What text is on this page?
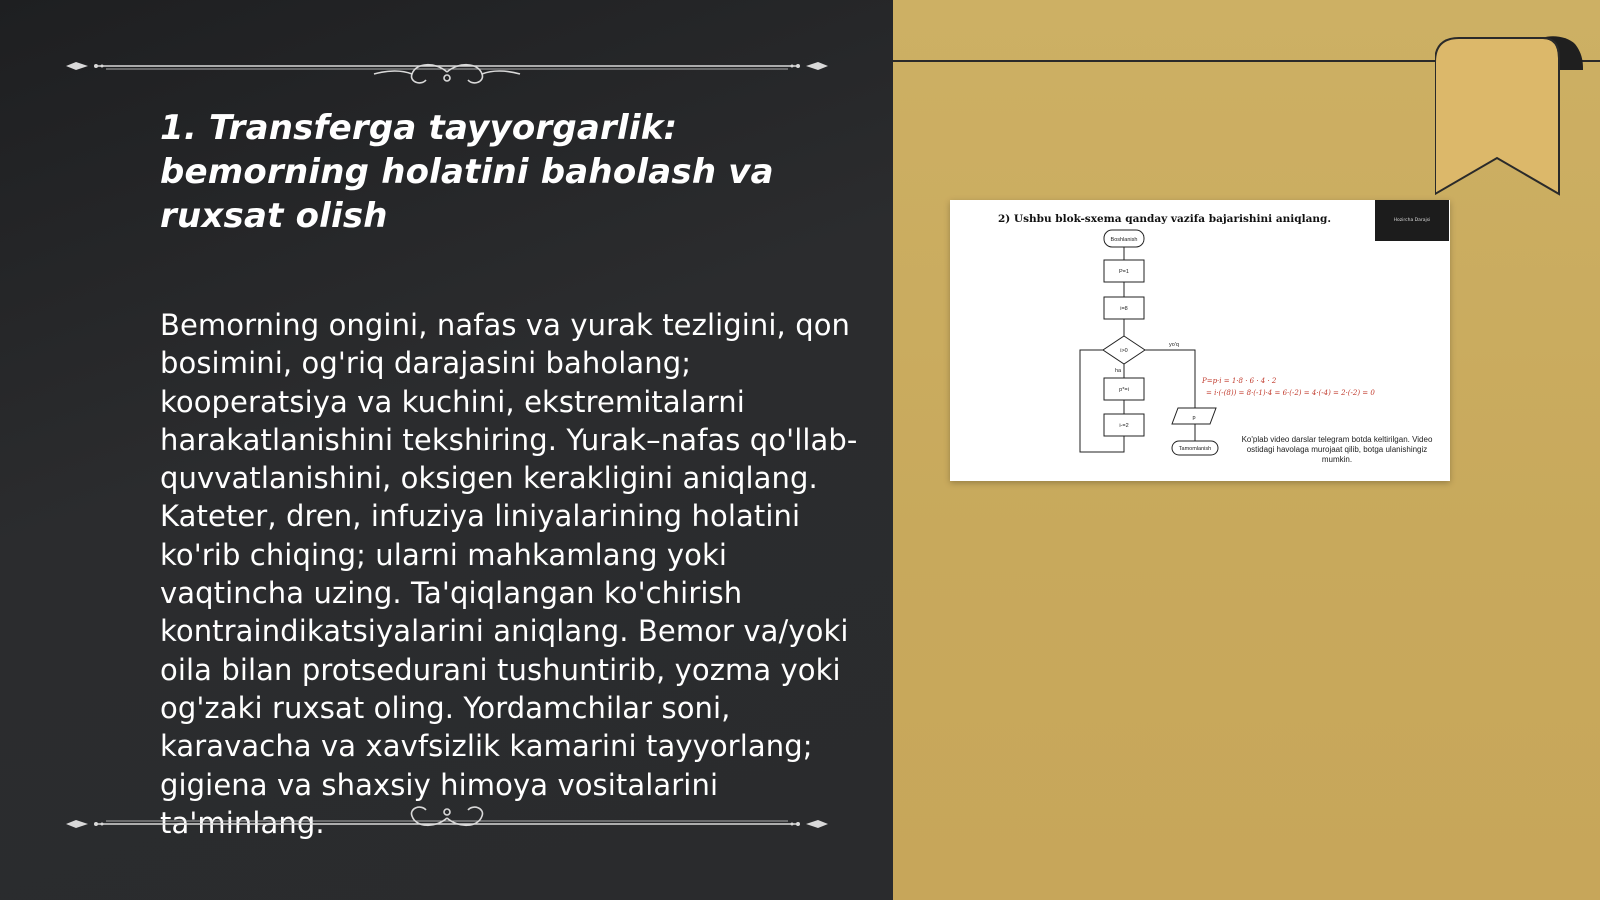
1. Transferga tayyorgarlik: bemorning holatini baholash va ruxsat olish
Bemorning ongini, nafas va yurak tezligini, qon bosimini, og'riq darajasini baholang; kooperatsiya va kuchini, ekstremitalarni harakatlanishini tekshiring. Yurak–nafas qo'llab-quvvatlanishini, oksigen kerakligini aniqlang. Kateter, dren, infuziya liniyalarining holatini ko'rib chiqing; ularni mahkamlang yoki vaqtincha uzing. Ta'qiqlangan ko'chirish kontraindikatsiyalarini aniqlang. Bemor va/yoki oila bilan protsedurani tushuntirib, yozma yoki og'zaki ruxsat oling. Yordamchilar soni, karavacha va xavfsizlik kamarini tayyorlang; gigiena va shaxsiy himoya vositalarini ta'minlang.
2) Ushbu blok-sxema qanday vazifa bajarishini aniqlang.	Hozircha Darajsi
Boshlanish
P=1
i=8
i>0
p*=i
i-=2
p
Tamomlanish
yo'q
ha
P=p·i = 1·8 · 6 · 4 · 2
= i·(-(8)) = 8·(-1)·4 = 6·(-2) = 4·(-4) = 2·(-2) = 0
Ko'plab video darslar telegram botda keltirilgan. Video ostidagi havolaga murojaat qilib, botga ulanishingiz mumkin.
